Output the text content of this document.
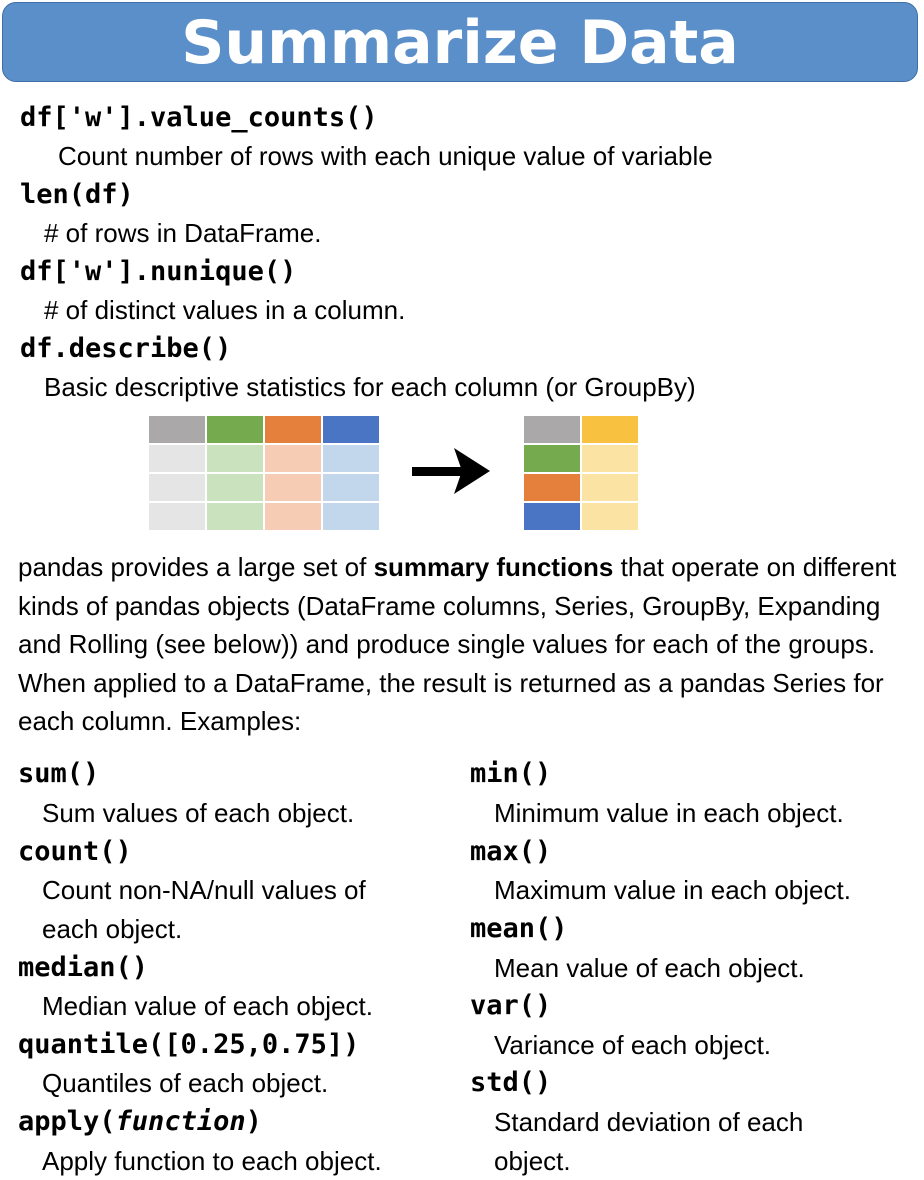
Summarize Data
df['w'].value_counts()
Count number of rows with each unique value of variable
len(df)
# of rows in DataFrame.
df['w'].nunique()
# of distinct values in a column.
df.describe()
Basic descriptive statistics for each column (or GroupBy)
pandas provides a large set of summary functions that operate on different kinds of pandas objects (DataFrame columns, Series, GroupBy, Expanding and Rolling (see below)) and produce single values for each of the groups. When applied to a DataFrame, the result is returned as a pandas Series for each column. Examples:
sum()
Sum values of each object.
count()
Count non-NA/null values of
each object.
median()
Median value of each object.
quantile([0.25,0.75])
Quantiles of each object.
apply(function)
Apply function to each object.
min()
Minimum value in each object.
max()
Maximum value in each object.
mean()
Mean value of each object.
var()
Variance of each object.
std()
Standard deviation of each
object.
